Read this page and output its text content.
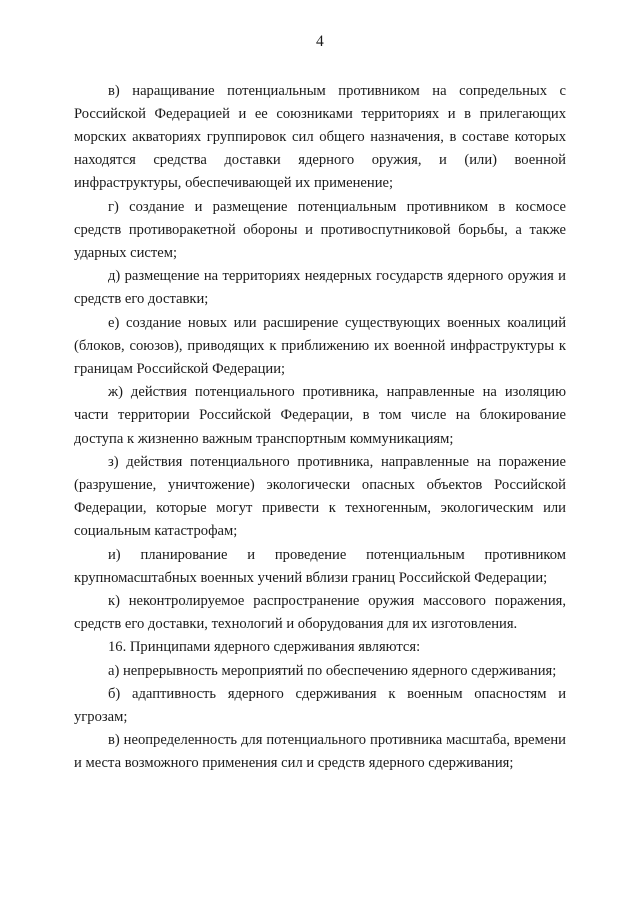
4

в) наращивание потенциальным противником на сопредельных с Российской Федерацией и ее союзниками территориях и в прилегающих морских акваториях группировок сил общего назначения, в составе которых находятся средства доставки ядерного оружия, и (или) военной инфраструктуры, обеспечивающей их применение;

г) создание и размещение потенциальным противником в космосе средств противоракетной обороны и противоспутниковой борьбы, а также ударных систем;

д) размещение на территориях неядерных государств ядерного оружия и средств его доставки;

е) создание новых или расширение существующих военных коалиций (блоков, союзов), приводящих к приближению их военной инфраструктуры к границам Российской Федерации;

ж) действия потенциального противника, направленные на изоляцию части территории Российской Федерации, в том числе на блокирование доступа к жизненно важным транспортным коммуникациям;

з) действия потенциального противника, направленные на поражение (разрушение, уничтожение) экологически опасных объектов Российской Федерации, которые могут привести к техногенным, экологическим или социальным катастрофам;

и) планирование и проведение потенциальным противником крупномасштабных военных учений вблизи границ Российской Федерации;

к) неконтролируемое распространение оружия массового поражения, средств его доставки, технологий и оборудования для их изготовления.

16. Принципами ядерного сдерживания являются:

а) непрерывность мероприятий по обеспечению ядерного сдерживания;

б) адаптивность ядерного сдерживания к военным опасностям и угрозам;

в) неопределенность для потенциального противника масштаба, времени и места возможного применения сил и средств ядерного сдерживания;
